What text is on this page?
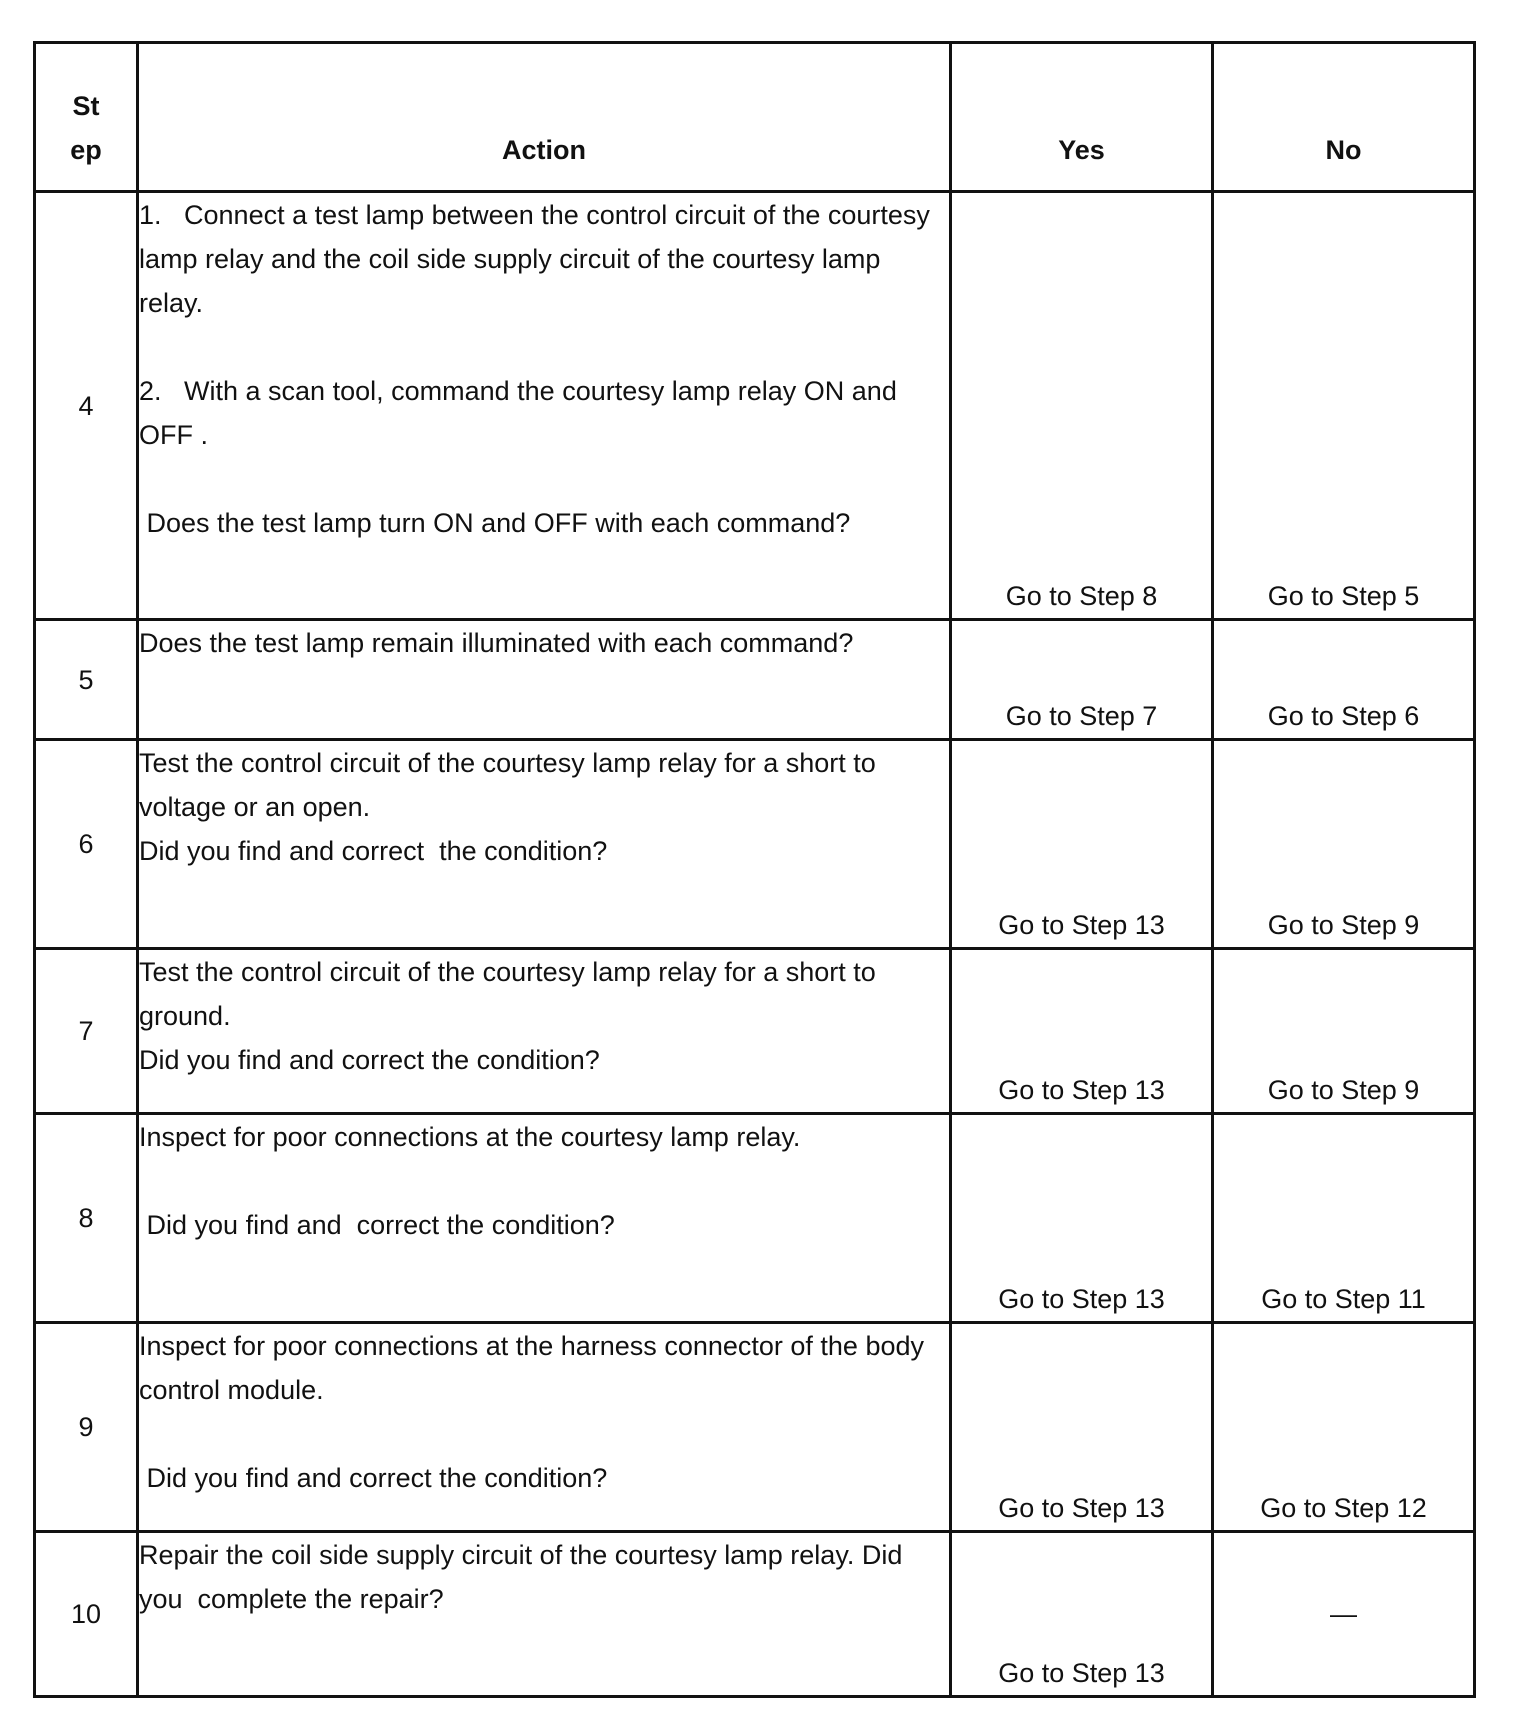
St
ep	Action	Yes	No
4	1.   Connect a test lamp between the control circuit of the courtesy lamp relay and the coil side supply circuit of the courtesy lamp relay.

2.   With a scan tool, command the courtesy lamp relay ON and OFF .

Does the test lamp turn ON and OFF with each command?	Go to Step 8	Go to Step 5
5	Does the test lamp remain illuminated with each command?	Go to Step 7	Go to Step 6
6	Test the control circuit of the courtesy lamp relay for a short to voltage or an open.

Did you find and correct  the condition?	Go to Step 13	Go to Step 9
7	Test the control circuit of the courtesy lamp relay for a short to ground.

Did you find and correct the condition?	Go to Step 13	Go to Step 9
8	Inspect for poor connections at the courtesy lamp relay.

Did you find and  correct the condition?	Go to Step 13	Go to Step 11
9	Inspect for poor connections at the harness connector of the body control module.

Did you find and correct the condition?	Go to Step 13	Go to Step 12
10	Repair the coil side supply circuit of the courtesy lamp relay. Did you  complete the repair?	Go to Step 13	—
